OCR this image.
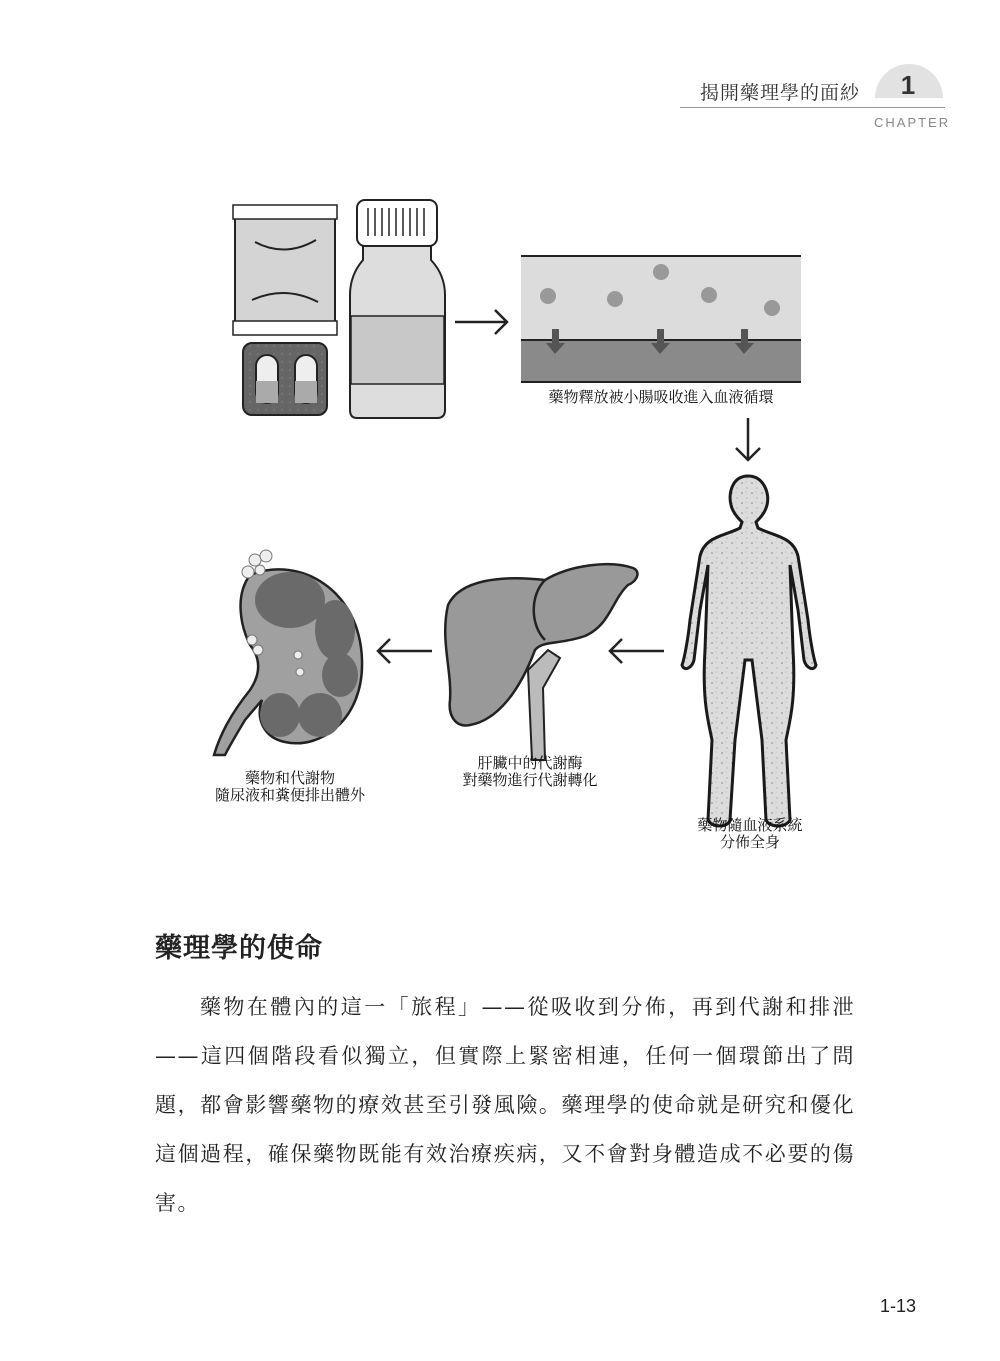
揭開藥理學的面紗 1
CHAPTER
藥物釋放被小腸吸收進入血液循環
藥物隨血液系統
分佈全身
肝臟中的代謝酶
對藥物進行代謝轉化
藥物和代謝物
隨尿液和糞便排出體外
藥理學的使命
藥物在體內的這一「旅程」——從吸收到分佈，再到代謝和排泄——這四個階段看似獨立，但實際上緊密相連，任何一個環節出了問題，都會影響藥物的療效甚至引發風險。藥理學的使命就是研究和優化這個過程，確保藥物既能有效治療疾病，又不會對身體造成不必要的傷害。
1-13
